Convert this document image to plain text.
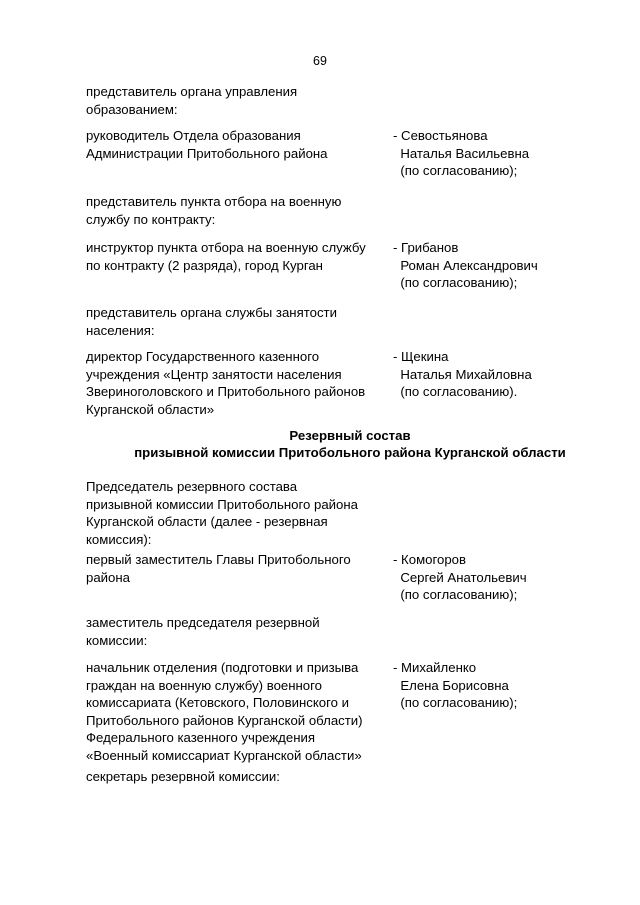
69
представитель органа управления
образованием:
руководитель Отдела образования
Администрации Притобольного района
- Севостьянова
Наталья Васильевна
(по согласованию);
представитель пункта отбора на военную
службу по контракту:
инструктор пункта отбора на военную службу
по контракту (2 разряда), город Курган
- Грибанов
Роман Александрович
(по согласованию);
представитель органа службы занятости
населения:
директор Государственного казенного
учреждения «Центр занятости населения
Звериноголовского и Притобольного районов
Курганской области»
- Щекина
Наталья Михайловна
(по согласованию).
Резервный состав
призывной комиссии Притобольного района Курганской области
Председатель резервного состава
призывной комиссии Притобольного района
Курганской области (далее - резервная
комиссия):
первый заместитель Главы Притобольного
района
- Комогоров
Сергей Анатольевич
(по согласованию);
заместитель председателя резервной
комиссии:
начальник отделения (подготовки и призыва
граждан на военную службу) военного
комиссариата (Кетовского, Половинского и
Притобольного районов Курганской области)
Федерального казенного учреждения
«Военный комиссариат Курганской области»
- Михайленко
Елена Борисовна
(по согласованию);
секретарь резервной комиссии:
